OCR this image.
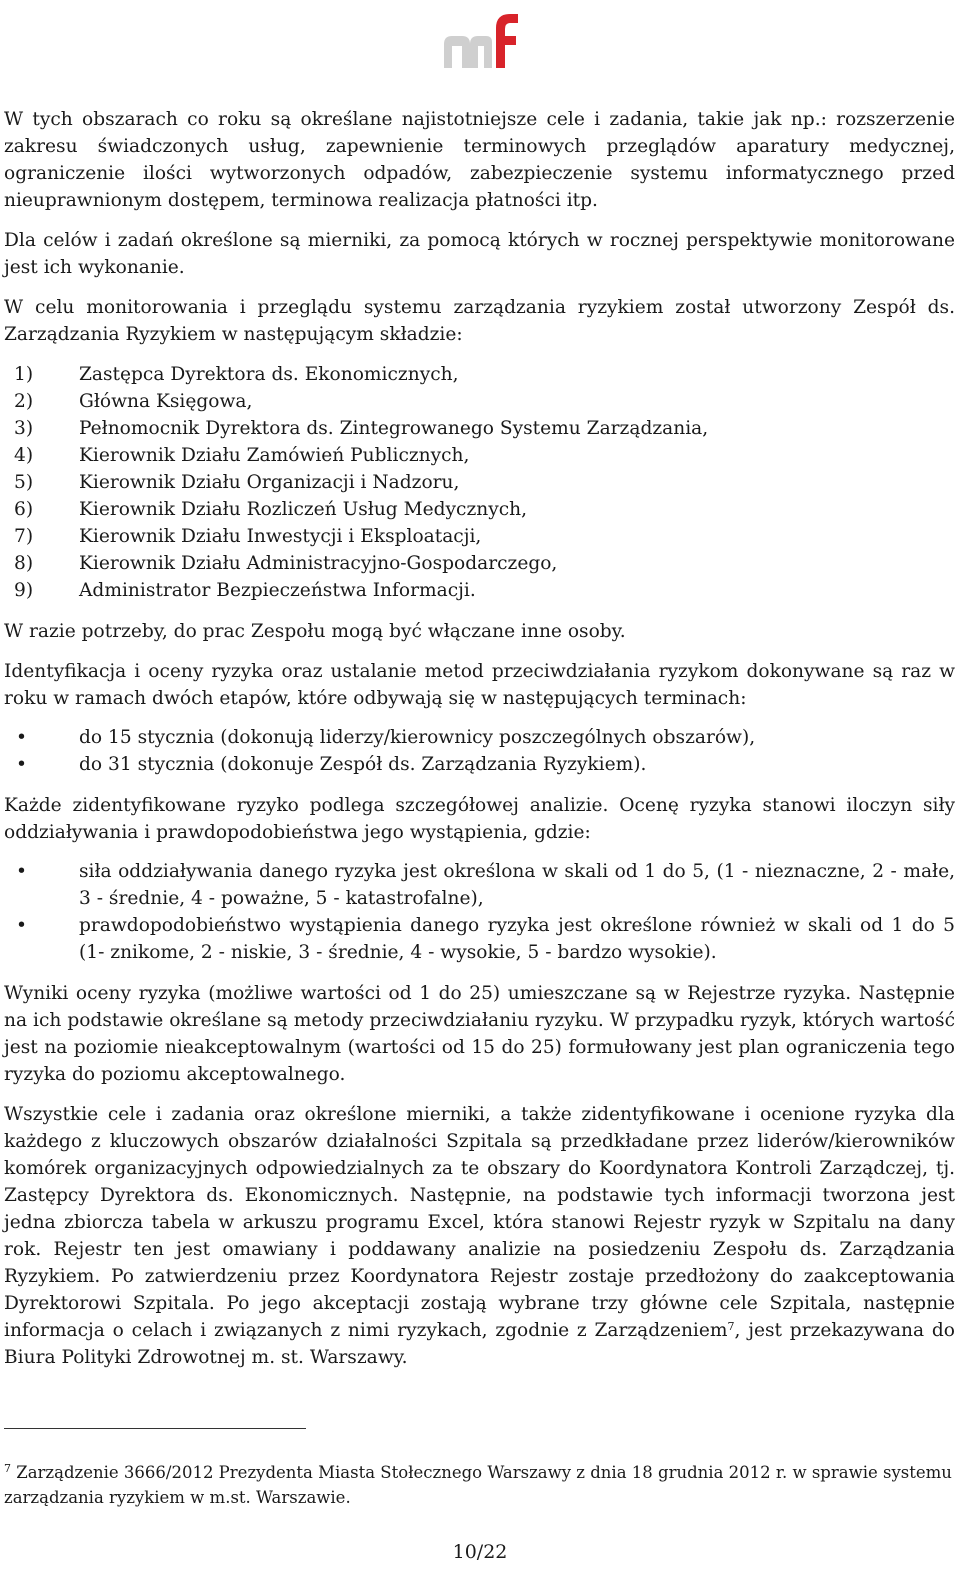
W tych obszarach co roku są określane najistotniejsze cele i zadania, takie jak np.: rozszerzenie zakresu świadczonych usług, zapewnienie terminowych przeglądów aparatury medycznej, ograniczenie ilości wytworzonych odpadów, zabezpieczenie systemu informatycznego przed nieuprawnionym dostępem, terminowa realizacja płatności itp.

Dla celów i zadań określone są mierniki, za pomocą których w rocznej perspektywie monitorowane jest ich wykonanie.

W celu monitorowania i przeglądu systemu zarządzania ryzykiem został utworzony Zespół ds. Zarządzania Ryzykiem w następującym składzie:

1)	Zastępca Dyrektora ds. Ekonomicznych,
2)	Główna Księgowa,
3)	Pełnomocnik Dyrektora ds. Zintegrowanego Systemu Zarządzania,
4)	Kierownik Działu Zamówień Publicznych,
5)	Kierownik Działu Organizacji i Nadzoru,
6)	Kierownik Działu Rozliczeń Usług Medycznych,
7)	Kierownik Działu Inwestycji i Eksploatacji,
8)	Kierownik Działu Administracyjno-Gospodarczego,
9)	Administrator Bezpieczeństwa Informacji.

W razie potrzeby, do prac Zespołu mogą być włączane inne osoby.

Identyfikacja i oceny ryzyka oraz ustalanie metod przeciwdziałania ryzykom dokonywane są raz w roku w ramach dwóch etapów, które odbywają się w następujących terminach:

•	do 15 stycznia (dokonują liderzy/kierownicy poszczególnych obszarów),
•	do 31 stycznia (dokonuje Zespół ds. Zarządzania Ryzykiem).

Każde zidentyfikowane ryzyko podlega szczegółowej analizie. Ocenę ryzyka stanowi iloczyn siły oddziaływania i prawdopodobieństwa jego wystąpienia, gdzie:

•	siła oddziaływania danego ryzyka jest określona w skali od 1 do 5, (1 - nieznaczne, 2 - małe, 3 - średnie, 4 - poważne, 5 - katastrofalne),
•	prawdopodobieństwo wystąpienia danego ryzyka jest określone również w skali od 1 do 5 (1- znikome, 2 - niskie, 3 - średnie, 4 - wysokie, 5 - bardzo wysokie).

Wyniki oceny ryzyka (możliwe wartości od 1 do 25) umieszczane są w Rejestrze ryzyka. Następnie na ich podstawie określane są metody przeciwdziałaniu ryzyku. W przypadku ryzyk, których wartość jest na poziomie nieakceptowalnym (wartości od 15 do 25) formułowany jest plan ograniczenia tego ryzyka do poziomu akceptowalnego.

Wszystkie cele i zadania oraz określone mierniki, a także zidentyfikowane i ocenione ryzyka dla każdego z kluczowych obszarów działalności Szpitala są przedkładane przez liderów/kierowników komórek organizacyjnych odpowiedzialnych za te obszary do Koordynatora Kontroli Zarządczej, tj. Zastępcy Dyrektora ds. Ekonomicznych. Następnie, na podstawie tych informacji tworzona jest jedna zbiorcza tabela w arkuszu programu Excel, która stanowi Rejestr ryzyk w Szpitalu na dany rok. Rejestr ten jest omawiany i poddawany analizie na posiedzeniu Zespołu ds. Zarządzania Ryzykiem. Po zatwierdzeniu przez Koordynatora Rejestr zostaje przedłożony do zaakceptowania Dyrektorowi Szpitala. Po jego akceptacji zostają wybrane trzy główne cele Szpitala, następnie informacja o celach i związanych z nimi ryzykach, zgodnie z Zarządzeniem$^7$, jest przekazywana do Biura Polityki Zdrowotnej m. st. Warszawy.

$^7$ Zarządzenie 3666/2012 Prezydenta Miasta Stołecznego Warszawy z dnia 18 grudnia 2012 r. w sprawie systemu zarządzania ryzykiem w m.st. Warszawie.
10/22
